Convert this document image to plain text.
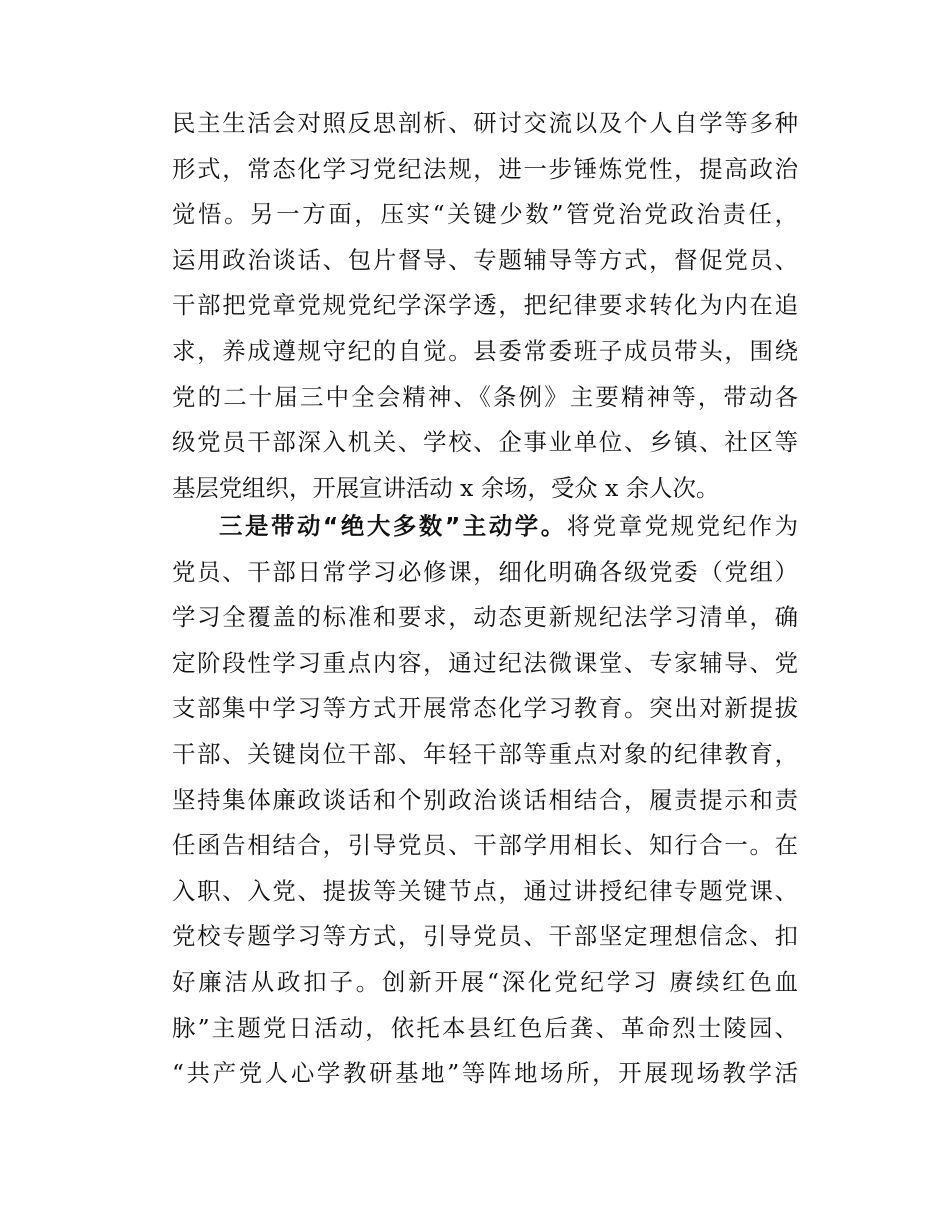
民主生活会对照反思剖析、研讨交流以及个人自学等多种
形式，常态化学习党纪法规，进一步锤炼党性，提高政治
觉悟。另一方面，压实“关键少数”管党治党政治责任，
运用政治谈话、包片督导、专题辅导等方式，督促党员、
干部把党章党规党纪学深学透，把纪律要求转化为内在追
求，养成遵规守纪的自觉。县委常委班子成员带头，围绕
党的二十届三中全会精神、《条例》主要精神等，带动各
级党员干部深入机关、学校、企事业单位、乡镇、社区等
基层党组织，开展宣讲活动 x 余场，受众 x 余人次。
三是带动“绝大多数”主动学。将党章党规党纪作为
党员、干部日常学习必修课，细化明确各级党委（党组）
学习全覆盖的标准和要求，动态更新规纪法学习清单，确
定阶段性学习重点内容，通过纪法微课堂、专家辅导、党
支部集中学习等方式开展常态化学习教育。突出对新提拔
干部、关键岗位干部、年轻干部等重点对象的纪律教育，
坚持集体廉政谈话和个别政治谈话相结合，履责提示和责
任函告相结合，引导党员、干部学用相长、知行合一。在
入职、入党、提拔等关键节点，通过讲授纪律专题党课、
党校专题学习等方式，引导党员、干部坚定理想信念、扣
好廉洁从政扣子。创新开展“深化党纪学习 赓续红色血
脉”主题党日活动，依托本县红色后龚、革命烈士陵园、
“共产党人心学教研基地”等阵地场所，开展现场教学活
